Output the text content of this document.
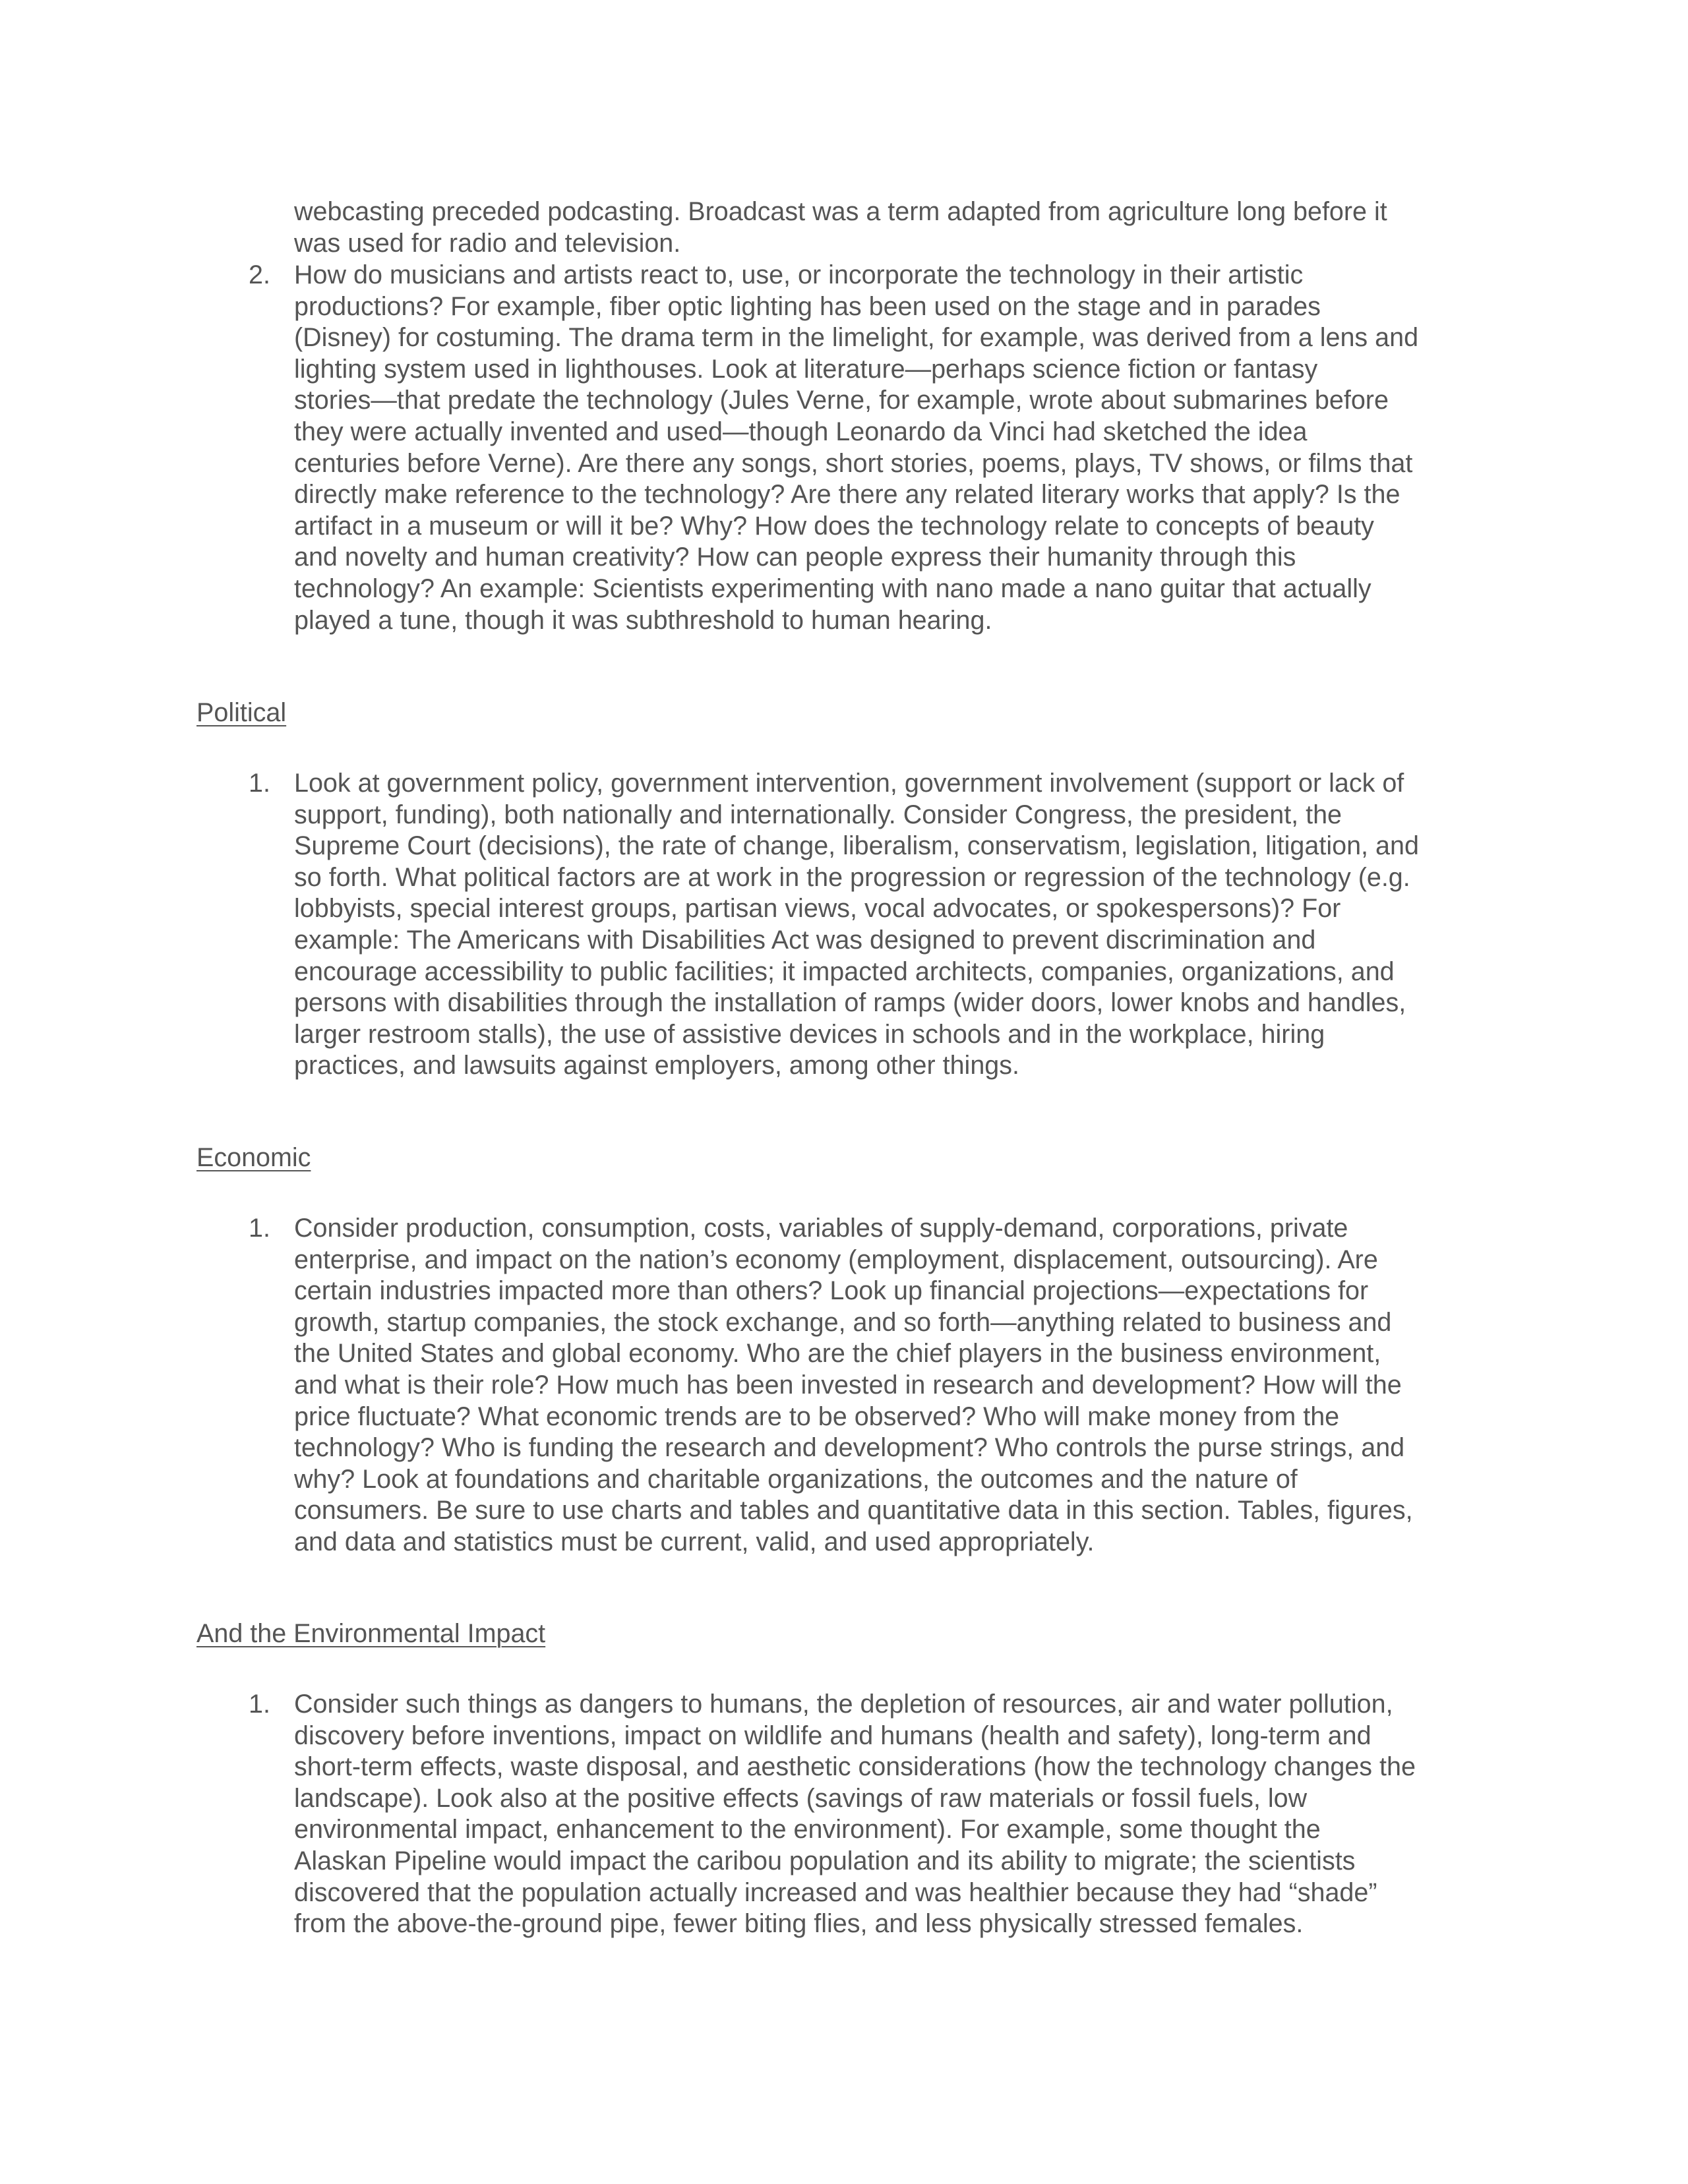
webcasting preceded podcasting. Broadcast was a term adapted from agriculture long before it
was used for radio and television.
2. How do musicians and artists react to, use, or incorporate the technology in their artistic
productions? For example, fiber optic lighting has been used on the stage and in parades
(Disney) for costuming. The drama term in the limelight, for example, was derived from a lens and
lighting system used in lighthouses. Look at literature—perhaps science fiction or fantasy
stories—that predate the technology (Jules Verne, for example, wrote about submarines before
they were actually invented and used—though Leonardo da Vinci had sketched the idea
centuries before Verne). Are there any songs, short stories, poems, plays, TV shows, or films that
directly make reference to the technology? Are there any related literary works that apply? Is the
artifact in a museum or will it be? Why? How does the technology relate to concepts of beauty
and novelty and human creativity? How can people express their humanity through this
technology? An example: Scientists experimenting with nano made a nano guitar that actually
played a tune, though it was subthreshold to human hearing.
Political
1. Look at government policy, government intervention, government involvement (support or lack of
support, funding), both nationally and internationally. Consider Congress, the president, the
Supreme Court (decisions), the rate of change, liberalism, conservatism, legislation, litigation, and
so forth. What political factors are at work in the progression or regression of the technology (e.g.
lobbyists, special interest groups, partisan views, vocal advocates, or spokespersons)? For
example: The Americans with Disabilities Act was designed to prevent discrimination and
encourage accessibility to public facilities; it impacted architects, companies, organizations, and
persons with disabilities through the installation of ramps (wider doors, lower knobs and handles,
larger restroom stalls), the use of assistive devices in schools and in the workplace, hiring
practices, and lawsuits against employers, among other things.
Economic
1. Consider production, consumption, costs, variables of supply-demand, corporations, private
enterprise, and impact on the nation’s economy (employment, displacement, outsourcing). Are
certain industries impacted more than others? Look up financial projections—expectations for
growth, startup companies, the stock exchange, and so forth—anything related to business and
the United States and global economy. Who are the chief players in the business environment,
and what is their role? How much has been invested in research and development? How will the
price fluctuate? What economic trends are to be observed? Who will make money from the
technology? Who is funding the research and development? Who controls the purse strings, and
why? Look at foundations and charitable organizations, the outcomes and the nature of
consumers. Be sure to use charts and tables and quantitative data in this section. Tables, figures,
and data and statistics must be current, valid, and used appropriately.
And the Environmental Impact
1. Consider such things as dangers to humans, the depletion of resources, air and water pollution,
discovery before inventions, impact on wildlife and humans (health and safety), long-term and
short-term effects, waste disposal, and aesthetic considerations (how the technology changes the
landscape). Look also at the positive effects (savings of raw materials or fossil fuels, low
environmental impact, enhancement to the environment). For example, some thought the
Alaskan Pipeline would impact the caribou population and its ability to migrate; the scientists
discovered that the population actually increased and was healthier because they had “shade”
from the above-the-ground pipe, fewer biting flies, and less physically stressed females.
